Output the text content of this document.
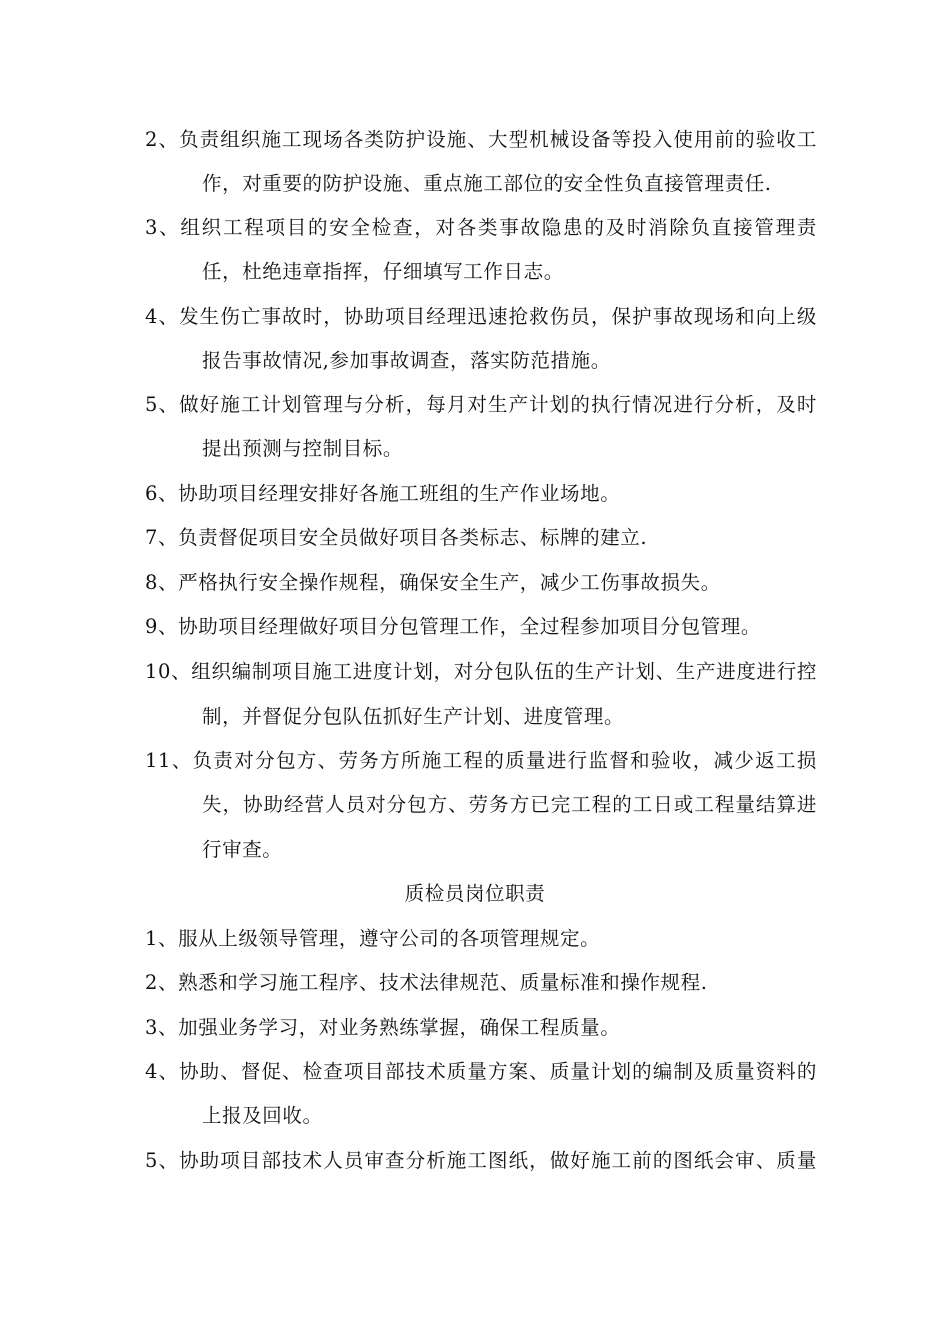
2、负责组织施工现场各类防护设施、大型机械设备等投入使用前的验收工
作，对重要的防护设施、重点施工部位的安全性负直接管理责任.
3、组织工程项目的安全检查，对各类事故隐患的及时消除负直接管理责
任，杜绝违章指挥，仔细填写工作日志。
4、发生伤亡事故时，协助项目经理迅速抢救伤员，保护事故现场和向上级
报告事故情况,参加事故调查，落实防范措施。
5、做好施工计划管理与分析，每月对生产计划的执行情况进行分析，及时
提出预测与控制目标。
6、协助项目经理安排好各施工班组的生产作业场地。
7、负责督促项目安全员做好项目各类标志、标牌的建立.
8、严格执行安全操作规程，确保安全生产，减少工伤事故损失。
9、协助项目经理做好项目分包管理工作，全过程参加项目分包管理。
10、组织编制项目施工进度计划，对分包队伍的生产计划、生产进度进行控
制，并督促分包队伍抓好生产计划、进度管理。
11、负责对分包方、劳务方所施工程的质量进行监督和验收，减少返工损
失，协助经营人员对分包方、劳务方已完工程的工日或工程量结算进
行审查。
质检员岗位职责
1、服从上级领导管理，遵守公司的各项管理规定。
2、熟悉和学习施工程序、技术法律规范、质量标准和操作规程.
3、加强业务学习，对业务熟练掌握，确保工程质量。
4、协助、督促、检查项目部技术质量方案、质量计划的编制及质量资料的
上报及回收。
5、协助项目部技术人员审查分析施工图纸，做好施工前的图纸会审、质量
